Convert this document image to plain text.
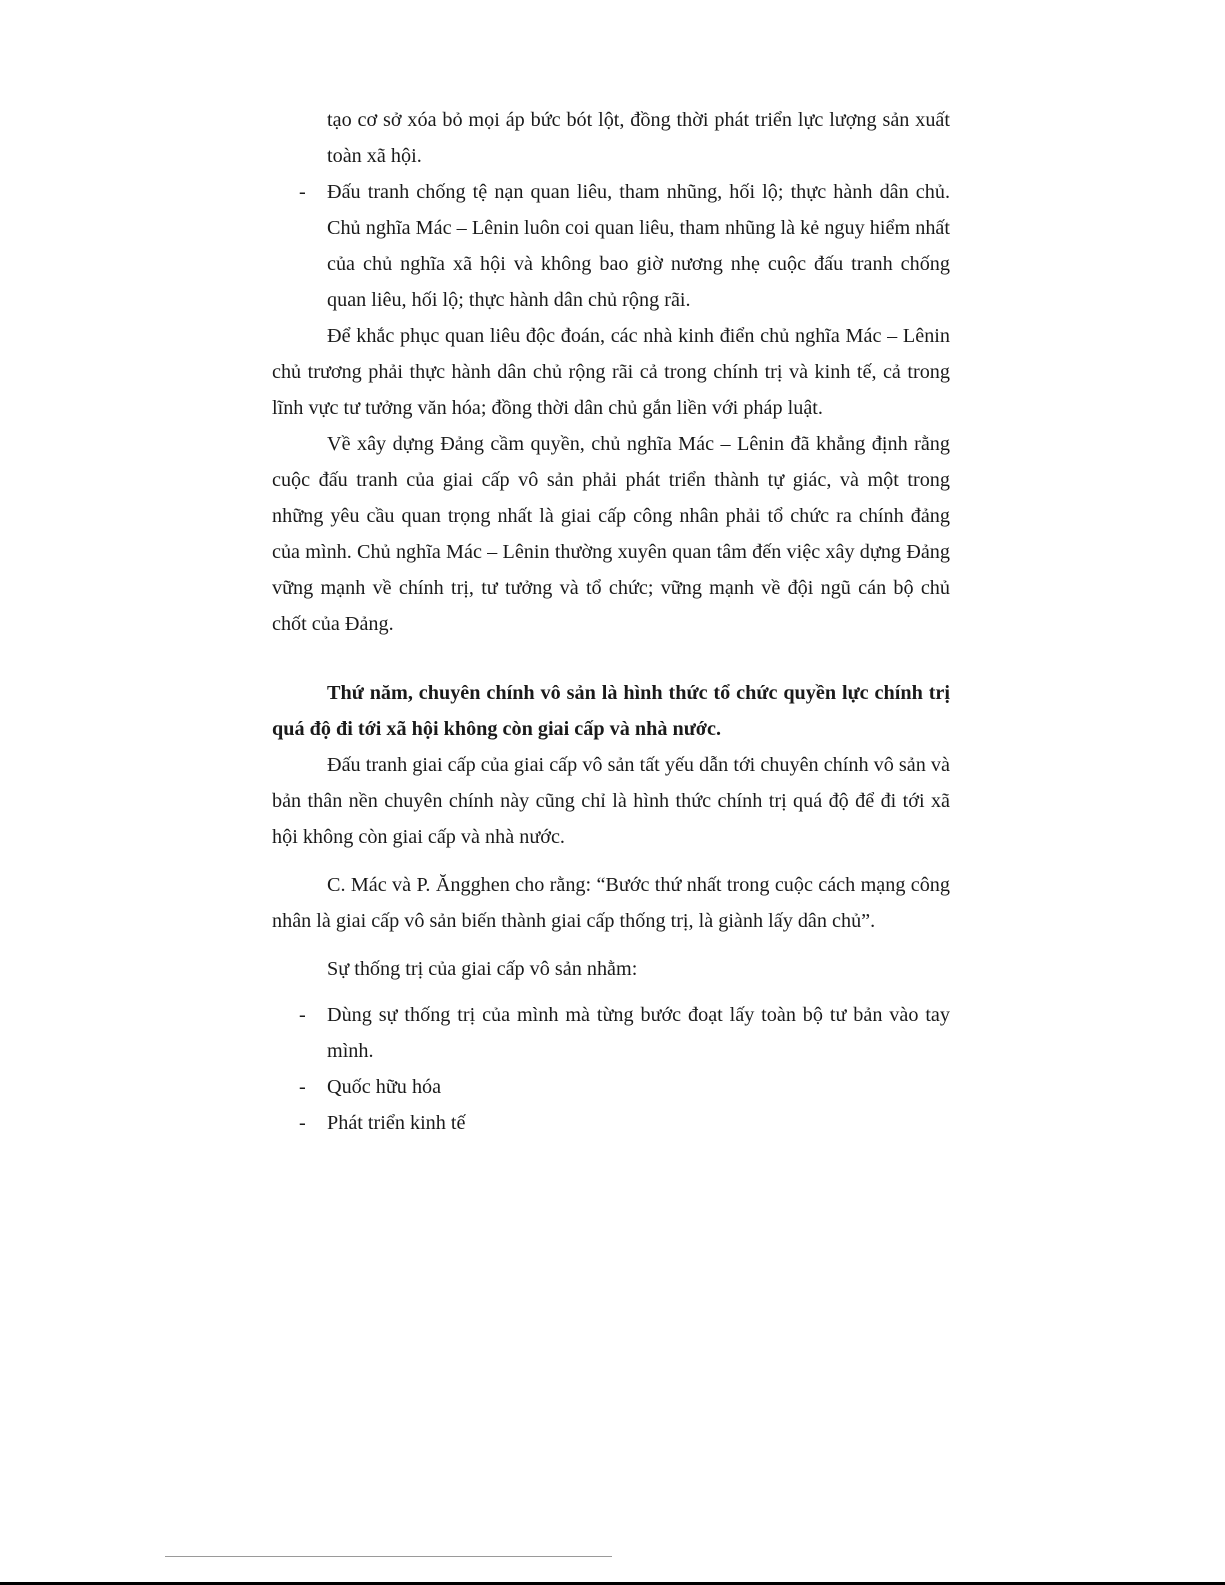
tạo cơ sở xóa bỏ mọi áp bức bót lột, đồng thời phát triển lực lượng sản xuất toàn xã hội.

- Đấu tranh chống tệ nạn quan liêu, tham nhũng, hối lộ; thực hành dân chủ. Chủ nghĩa Mác – Lênin luôn coi quan liêu, tham nhũng là kẻ nguy hiểm nhất của chủ nghĩa xã hội và không bao giờ nương nhẹ cuộc đấu tranh chống quan liêu, hối lộ; thực hành dân chủ rộng rãi.

Để khắc phục quan liêu độc đoán, các nhà kinh điển chủ nghĩa Mác – Lênin chủ trương phải thực hành dân chủ rộng rãi cả trong chính trị và kinh tế, cả trong lĩnh vực tư tưởng văn hóa; đồng thời dân chủ gắn liền với pháp luật.

Về xây dựng Đảng cầm quyền, chủ nghĩa Mác – Lênin đã khẳng định rằng cuộc đấu tranh của giai cấp vô sản phải phát triển thành tự giác, và một trong những yêu cầu quan trọng nhất là giai cấp công nhân phải tổ chức ra chính đảng của mình. Chủ nghĩa Mác – Lênin thường xuyên quan tâm đến việc xây dựng Đảng vững mạnh về chính trị, tư tưởng và tổ chức; vững mạnh về đội ngũ cán bộ chủ chốt của Đảng.

Thứ năm, chuyên chính vô sản là hình thức tổ chức quyền lực chính trị quá độ đi tới xã hội không còn giai cấp và nhà nước.

Đấu tranh giai cấp của giai cấp vô sản tất yếu dẫn tới chuyên chính vô sản và bản thân nền chuyên chính này cũng chỉ là hình thức chính trị quá độ để đi tới xã hội không còn giai cấp và nhà nước.

C. Mác và P. Ăngghen cho rằng: “Bước thứ nhất trong cuộc cách mạng công nhân là giai cấp vô sản biến thành giai cấp thống trị, là giành lấy dân chủ”.

Sự thống trị của giai cấp vô sản nhằm:

- Dùng sự thống trị của mình mà từng bước đoạt lấy toàn bộ tư bản vào tay mình.
- Quốc hữu hóa
- Phát triển kinh tế
